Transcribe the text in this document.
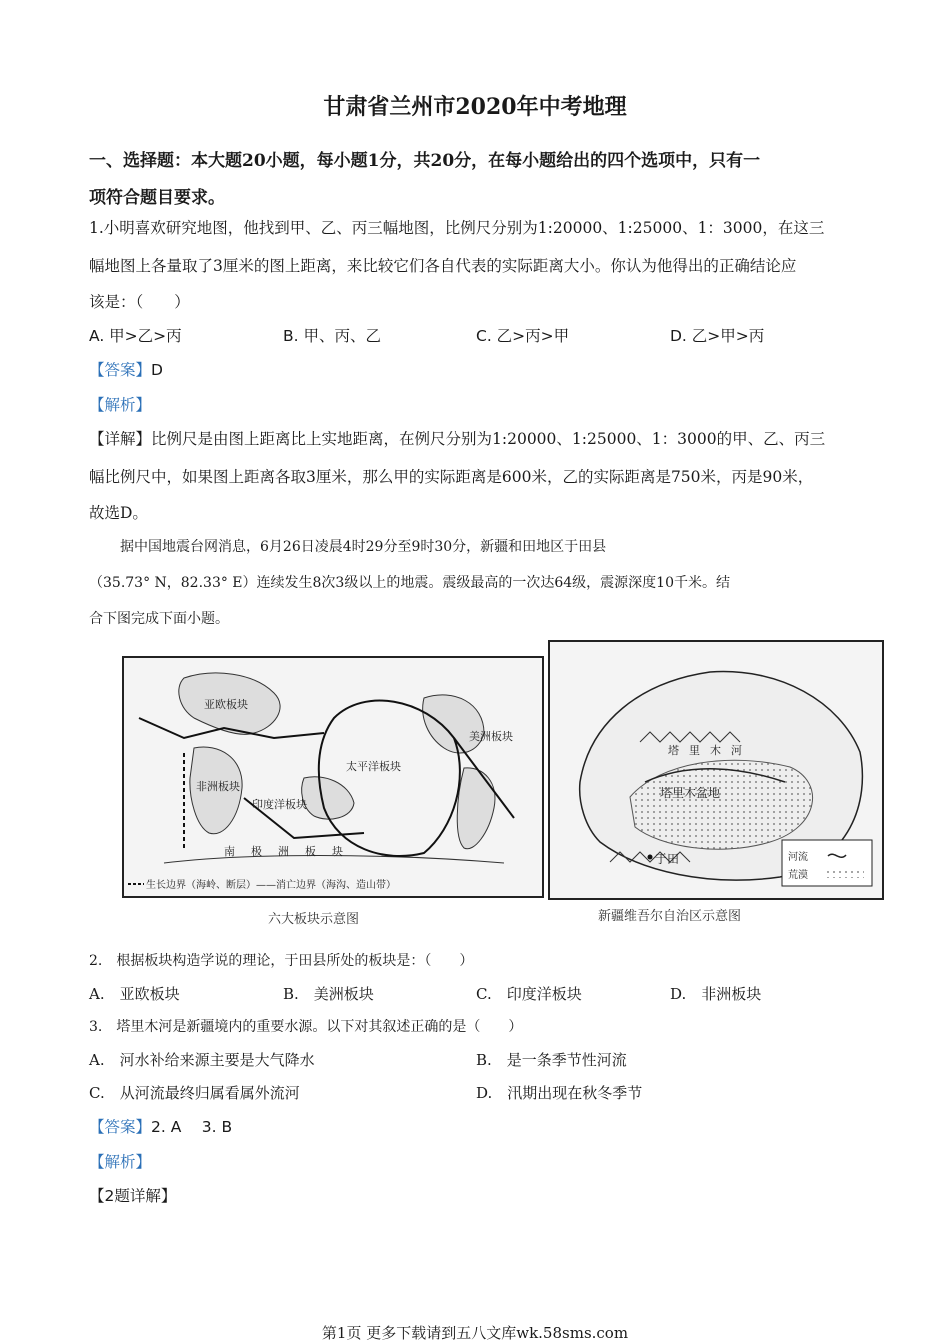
甘肃省兰州市2020年中考地理
一、选择题：本大题20小题，每小题1分，共20分，在每小题给出的四个选项中，只有一
项符合题目要求。
1.小明喜欢研究地图，他找到甲、乙、丙三幅地图，比例尺分别为1:20000、1:25000、1：3000，在这三
幅地图上各量取了3厘米的图上距离，来比较它们各自代表的实际距离大小。你认为他得出的正确结论应
该是：（　　）
A. 甲>乙>丙	B. 甲、丙、乙	C. 乙>丙>甲	D. 乙>甲>丙
【答案】D
【解析】
【详解】比例尺是由图上距离比上实地距离，在例尺分别为1:20000、1:25000、1：3000的甲、乙、丙三
幅比例尺中，如果图上距离各取3厘米，那么甲的实际距离是600米，乙的实际距离是750米，丙是90米，
故选D。
据中国地震台网消息，6月26日凌晨4时29分至9时30分，新疆和田地区于田县
（35.73° N，82.33° E）连续发生8次3级以上的地震。震级最高的一次达64级，震源深度10千米。结
合下图完成下面小题。
亚欧板块
非洲板块
太平洋板块
印度洋板块
美洲板块
南极洲板块
生长边界（海岭、断层）——消亡边界（海沟、造山带）
六大板块示意图
塔里木河
塔里木盆地
于田	河流
荒漠
新疆维吾尔自治区示意图
2.　根据板块构造学说的理论，于田县所处的板块是：（　　）
A.　亚欧板块	B.　美洲板块	C.　印度洋板块	D.　非洲板块
3.　塔里木河是新疆境内的重要水源。以下对其叙述正确的是（　　）
A.　河水补给来源主要是大气降水	B.　是一条季节性河流
C.　从河流最终归属看属外流河	D.　汛期出现在秋冬季节
【答案】2. A　 3. B
【解析】
【2题详解】
第1页 更多下载请到五八文库wk.58sms.com
